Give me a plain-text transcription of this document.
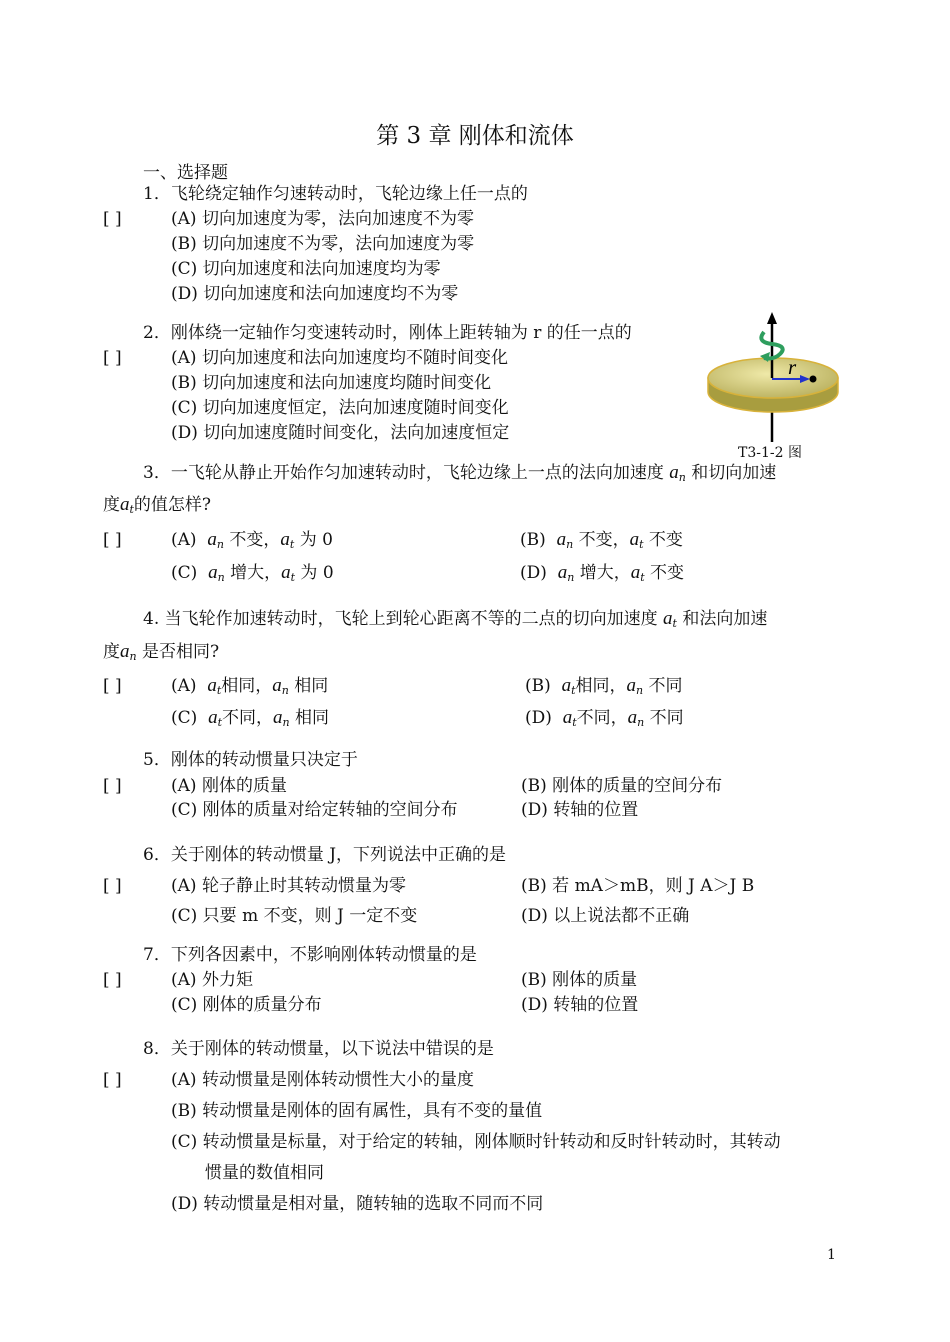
第 3 章 刚体和流体
一、选择题
1．飞轮绕定轴作匀速转动时，飞轮边缘上任一点的
[ ]	(A) 切向加速度为零，法向加速度不为零
(B) 切向加速度不为零，法向加速度为零
(C) 切向加速度和法向加速度均为零
(D) 切向加速度和法向加速度均不为零
2．刚体绕一定轴作匀变速转动时，刚体上距转轴为 r 的任一点的
[ ]	(A) 切向加速度和法向加速度均不随时间变化
(B) 切向加速度和法向加速度均随时间变化
(C) 切向加速度恒定，法向加速度随时间变化
(D) 切向加速度随时间变化，法向加速度恒定
r
T3-1-2 图
3．一飞轮从静止开始作匀加速转动时，飞轮边缘上一点的法向加速度 $a_n$ 和切向加速
度$a_t$的值怎样?
[ ]	(A) $a_n$ 不变，$a_t$ 为 0	(B) $a_n$ 不变，$a_t$ 不变
(C) $a_n$ 增大，$a_t$ 为 0	(D) $a_n$ 增大，$a_t$ 不变
4. 当飞轮作加速转动时，飞轮上到轮心距离不等的二点的切向加速度 $a_t$ 和法向加速
度$a_n$ 是否相同?
[ ]	(A) $a_t$相同，$a_n$ 相同	(B) $a_t$相同，$a_n$ 不同
(C) $a_t$不同，$a_n$ 相同	(D) $a_t$不同，$a_n$ 不同
5．刚体的转动惯量只决定于
[ ]	(A) 刚体的质量	(B) 刚体的质量的空间分布
(C) 刚体的质量对给定转轴的空间分布	(D) 转轴的位置
6．关于刚体的转动惯量 J，下列说法中正确的是
[ ]	(A) 轮子静止时其转动惯量为零	(B) 若 mA＞mB，则 J A＞J B
(C) 只要 m 不变，则 J 一定不变	(D) 以上说法都不正确
7．下列各因素中，不影响刚体转动惯量的是
[ ]	(A) 外力矩	(B) 刚体的质量
(C) 刚体的质量分布	(D) 转轴的位置
8．关于刚体的转动惯量，以下说法中错误的是
[ ]	(A) 转动惯量是刚体转动惯性大小的量度
(B) 转动惯量是刚体的固有属性，具有不变的量值
(C) 转动惯量是标量，对于给定的转轴，刚体顺时针转动和反时针转动时，其转动
惯量的数值相同
(D) 转动惯量是相对量，随转轴的选取不同而不同
1
